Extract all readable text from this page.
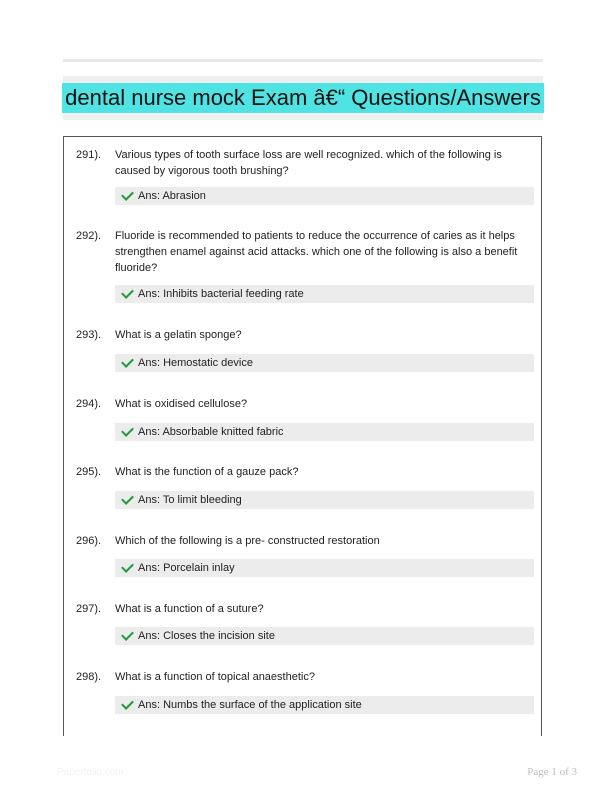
dental nurse mock Exam â€“ Questions/Answers
291). Various types of tooth surface loss are well recognized. which of the following is caused by vigorous tooth brushing?
Ans: Abrasion
292). Fluoride is recommended to patients to reduce the occurrence of caries as it helps strengthen enamel against acid attacks. which one of the following is also a benefit fluoride?
Ans: Inhibits bacterial feeding rate
293). What is a gelatin sponge?
Ans: Hemostatic device
294). What is oxidised cellulose?
Ans: Absorbable knitted fabric
295). What is the function of a gauze pack?
Ans: To limit bleeding
296). Which of the following is a pre- constructed restoration
Ans: Porcelain inlay
297). What is a function of a suture?
Ans: Closes the incision site
298). What is a function of topical anaesthetic?
Ans: Numbs the surface of the application site
Paperfolio.com	Page 1 of 3
